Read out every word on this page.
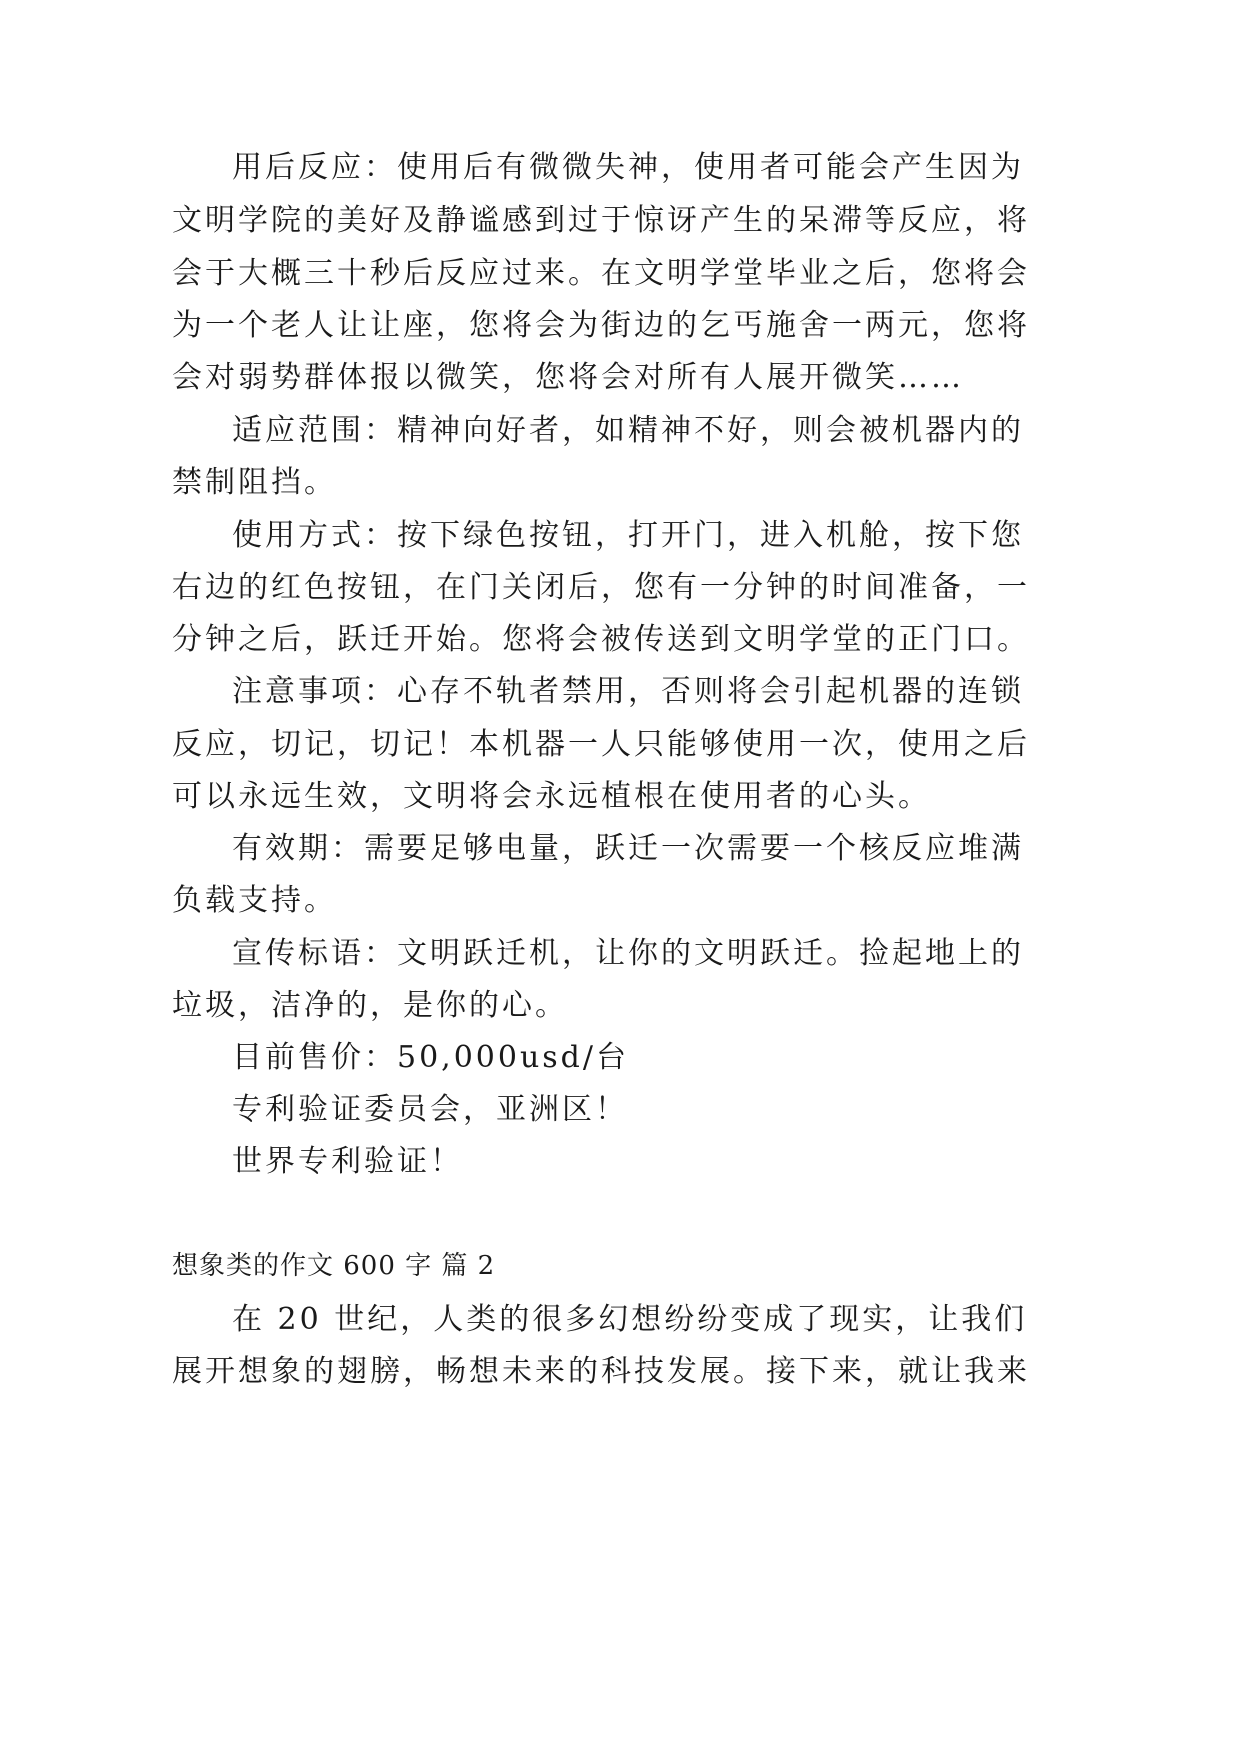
用后反应：使用后有微微失神，使用者可能会产生因为
文明学院的美好及静谧感到过于惊讶产生的呆滞等反应，将
会于大概三十秒后反应过来。在文明学堂毕业之后，您将会
为一个老人让让座，您将会为街边的乞丐施舍一两元，您将
会对弱势群体报以微笑，您将会对所有人展开微笑……
适应范围：精神向好者，如精神不好，则会被机器内的
禁制阻挡。
使用方式：按下绿色按钮，打开门，进入机舱，按下您
右边的红色按钮，在门关闭后，您有一分钟的时间准备，一
分钟之后，跃迁开始。您将会被传送到文明学堂的正门口。
注意事项：心存不轨者禁用，否则将会引起机器的连锁
反应，切记，切记！本机器一人只能够使用一次，使用之后
可以永远生效，文明将会永远植根在使用者的心头。
有效期：需要足够电量，跃迁一次需要一个核反应堆满
负载支持。
宣传标语：文明跃迁机，让你的文明跃迁。捡起地上的
垃圾，洁净的，是你的心。
目前售价：50,000usd/台
专利验证委员会，亚洲区！
世界专利验证！
想象类的作文 600 字 篇 2
在 20 世纪，人类的很多幻想纷纷变成了现实，让我们
展开想象的翅膀，畅想未来的科技发展。接下来，就让我来
